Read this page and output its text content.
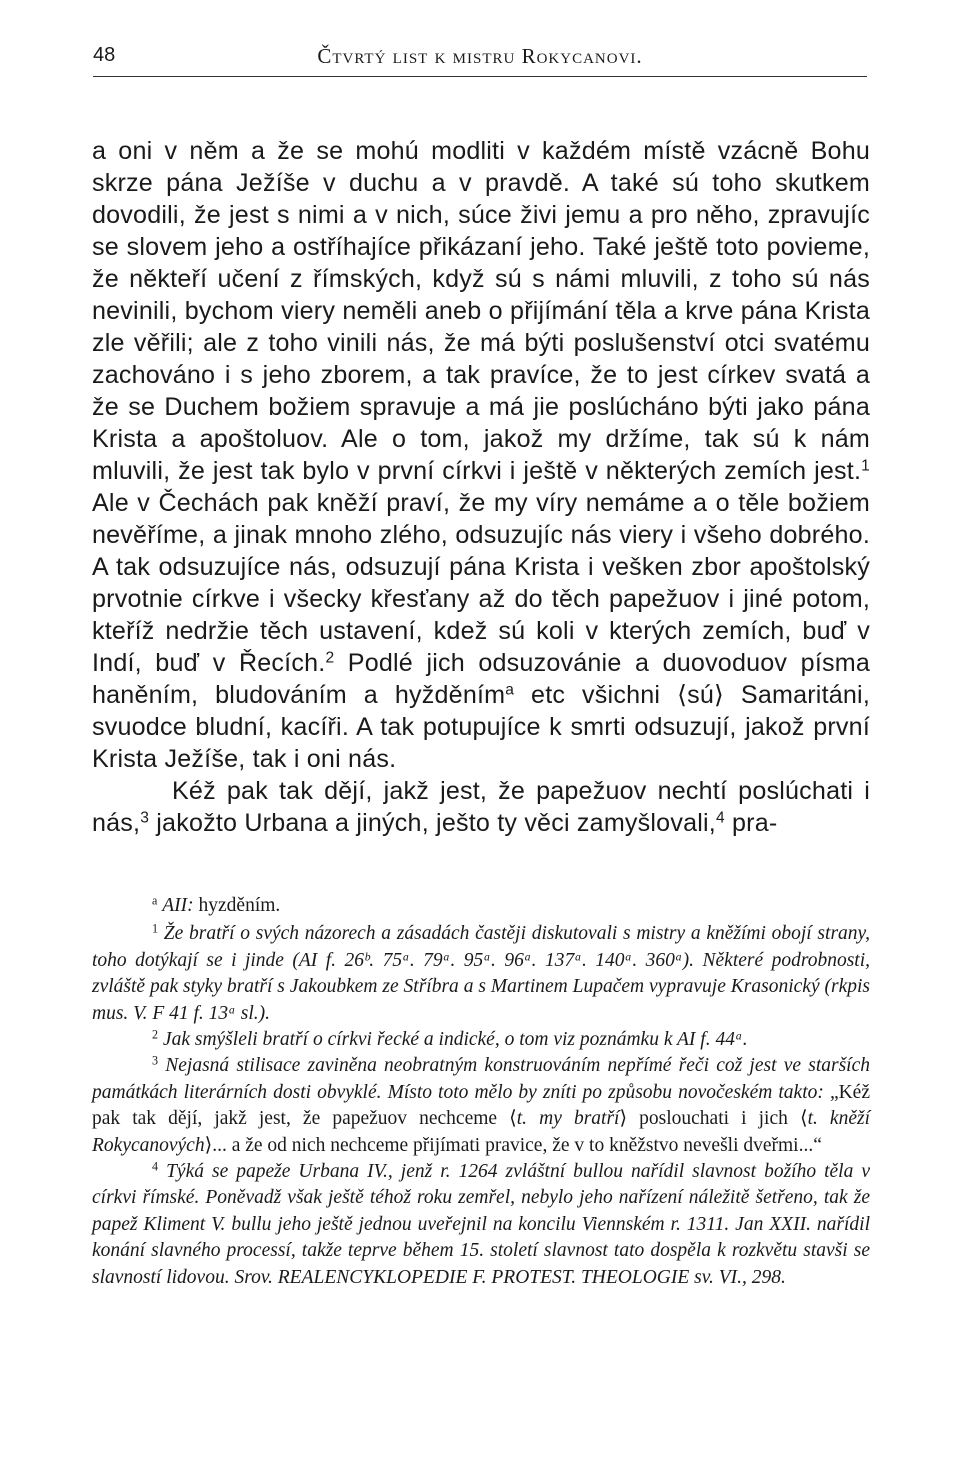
48	Čtvrtý list k mistru Rokycanovi.

a oni v něm a že se mohú modliti v každém místě vzácně Bohu skrze pána Ježíše v duchu a v pravdě. A také sú toho skutkem dovodili, že jest s nimi a v nich, súce živi jemu a pro něho, zpravujíc se slovem jeho a ostříhajíce přikázaní jeho. Také ještě toto povieme, že někteří učení z římských, když sú s námi mluvili, z toho sú nás nevinili, bychom viery neměli aneb o přijímání těla a krve pána Krista zle věřili; ale z toho vinili nás, že má býti poslušenství otci svatému zachováno i s jeho zborem, a tak pravíce, že to jest církev svatá a že se Duchem božiem spravuje a má jie poslúcháno býti jako pána Krista a apoštoluov. Ale o tom, jakož my držíme, tak sú k nám mluvili, že jest tak bylo v první církvi i ještě v některých zemích jest.$^1$ Ale v Čechách pak kněží praví, že my víry nemáme a o těle božiem nevěříme, a jinak mnoho zlého, odsuzujíc nás viery i všeho dobrého. A tak odsuzujíce nás, odsuzují pána Krista i vešken zbor apoštolský prvotnie církve i všecky křesťany až do těch papežuov i jiné potom, kteříž nedržie těch ustavení, kdež sú koli v kterých zemích, buď v Indí, buď v Řecích.$^2$ Podlé jich odsuzovánie a duovoduov písma haněním, bludováním a hyžděním$^a$ etc všichni ⟨sú⟩ Samaritáni, svuodce bludní, kacíři. A tak potupujíce k smrti odsuzují, jakož první Krista Ježíše, tak i oni nás.

Kéž pak tak dějí, jakž jest, že papežuov nechtí poslúchati i nás,$^3$ jakožto Urbana a jiných, ješto ty věci zamyšlovali,$^4$ pra-

$^a$ AII: hyzděním.

$^1$ Že bratří o svých názorech a zásadách častěji diskutovali s mistry a kněžími obojí strany, toho dotýkají se i jinde (AI f. 26ᵇ. 75ᵃ. 79ᵃ. 95ᵃ. 96ᵃ. 137ᵃ. 140ᵃ. 360ᵃ). Některé podrobnosti, zvláště pak styky bratří s Jakoubkem ze Stříbra a s Martinem Lupačem vypravuje Krasonický (rkpis mus. V. F 41 f. 13ᵃ sl.).

$^2$ Jak smýšleli bratří o církvi řecké a indické, o tom viz poznámku k AI f. 44ᵃ.

$^3$ Nejasná stilisace zaviněna neobratným konstruováním nepřímé řeči což jest ve starších památkách literárních dosti obvyklé. Místo toto mělo by zníti po způsobu novočeském takto: „Kéž pak tak dějí, jakž jest, že papežuov nechceme ⟨t. my bratří⟩ poslouchati i jich ⟨t. kněží Rokycanových⟩... a že od nich nechceme přijímati pravice, že v to kněžstvo nevešli dveřmi...“

$^4$ Týká se papeže Urbana IV., jenž r. 1264 zvláštní bullou nařídil slavnost božího těla v církvi římské. Poněvadž však ještě téhož roku zemřel, nebylo jeho nařízení náležitě šetřeno, tak že papež Kliment V. bullu jeho ještě jednou uveřejnil na koncilu Viennském r. 1311. Jan XXII. nařídil konání slavného processí, takže teprve během 15. století slavnost tato dospěla k rozkvětu stavši se slavností lidovou. Srov. REALENCYKLOPEDIE F. PROTEST. THEOLOGIE sv. VI., 298.
